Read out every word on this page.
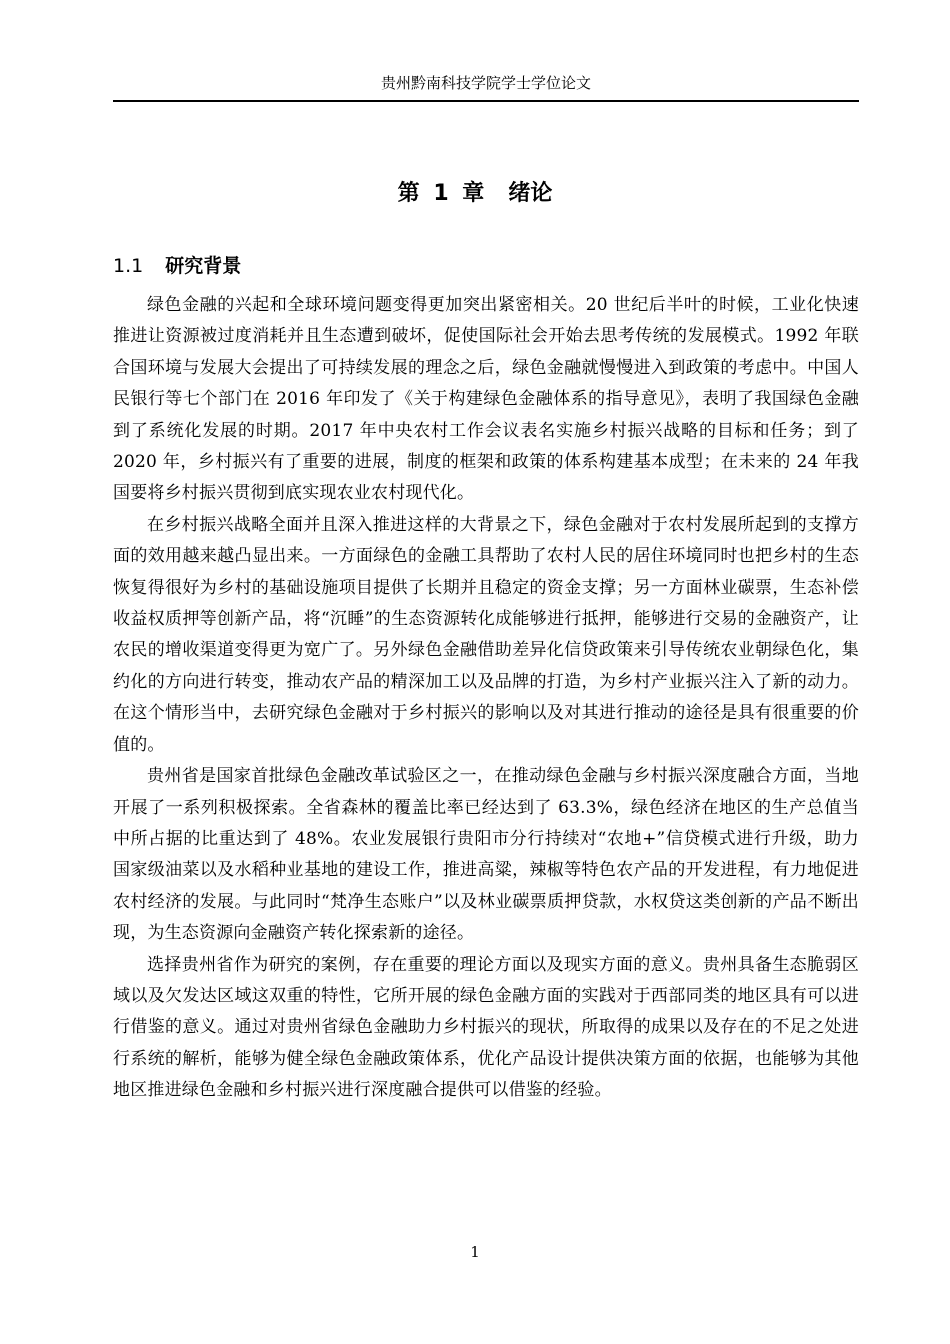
贵州黔南科技学院学士学位论文
第 1 章 绪论
1.1 研究背景

绿色金融的兴起和全球环境问题变得更加突出紧密相关。20 世纪后半叶的时候，工业化快速推进让资源被过度消耗并且生态遭到破坏，促使国际社会开始去思考传统的发展模式。1992 年联合国环境与发展大会提出了可持续发展的理念之后，绿色金融就慢慢进入到政策的考虑中。中国人民银行等七个部门在 2016 年印发了《关于构建绿色金融体系的指导意见》，表明了我国绿色金融到了系统化发展的时期。2017 年中央农村工作会议表名实施乡村振兴战略的目标和任务；到了 2020 年，乡村振兴有了重要的进展，制度的框架和政策的体系构建基本成型；在未来的 24 年我国要将乡村振兴贯彻到底实现农业农村现代化。

在乡村振兴战略全面并且深入推进这样的大背景之下，绿色金融对于农村发展所起到的支撑方面的效用越来越凸显出来。一方面绿色的金融工具帮助了农村人民的居住环境同时也把乡村的生态恢复得很好为乡村的基础设施项目提供了长期并且稳定的资金支撑；另一方面林业碳票，生态补偿收益权质押等创新产品，将“沉睡”的生态资源转化成能够进行抵押，能够进行交易的金融资产，让农民的增收渠道变得更为宽广了。另外绿色金融借助差异化信贷政策来引导传统农业朝绿色化，集约化的方向进行转变，推动农产品的精深加工以及品牌的打造，为乡村产业振兴注入了新的动力。在这个情形当中，去研究绿色金融对于乡村振兴的影响以及对其进行推动的途径是具有很重要的价值的。

贵州省是国家首批绿色金融改革试验区之一，在推动绿色金融与乡村振兴深度融合方面，当地开展了一系列积极探索。全省森林的覆盖比率已经达到了 63.3%，绿色经济在地区的生产总值当中所占据的比重达到了 48%。农业发展银行贵阳市分行持续对“农地+”信贷模式进行升级，助力国家级油菜以及水稻种业基地的建设工作，推进高粱，辣椒等特色农产品的开发进程，有力地促进农村经济的发展。与此同时“梵净生态账户”以及林业碳票质押贷款，水权贷这类创新的产品不断出现，为生态资源向金融资产转化探索新的途径。

选择贵州省作为研究的案例，存在重要的理论方面以及现实方面的意义。贵州具备生态脆弱区域以及欠发达区域这双重的特性，它所开展的绿色金融方面的实践对于西部同类的地区具有可以进行借鉴的意义。通过对贵州省绿色金融助力乡村振兴的现状，所取得的成果以及存在的不足之处进行系统的解析，能够为健全绿色金融政策体系，优化产品设计提供决策方面的依据，也能够为其他地区推进绿色金融和乡村振兴进行深度融合提供可以借鉴的经验。

1
